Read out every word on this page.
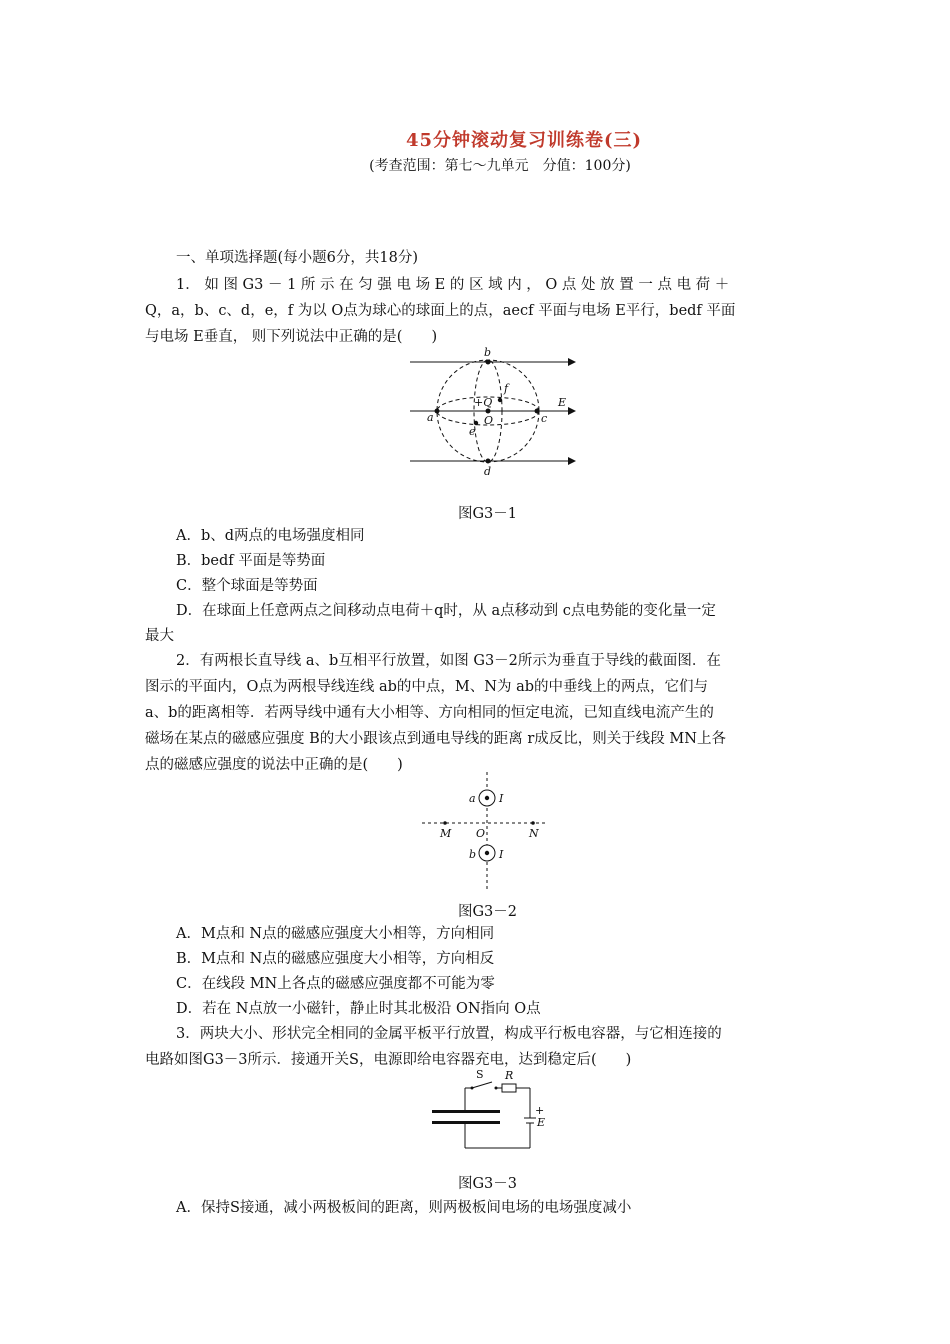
45分钟滚动复习训练卷(三)
(考查范围：第七～九单元　分值：100分)
一、单项选择题(每小题6分，共18分)
1． 如 图 G3 － 1 所 示 在 匀 强 电 场 E 的 区 域 内 ， O 点 处 放 置 一 点 电 荷 ＋
Q，a，b、c、d，e，f 为以 O点为球心的球面上的点，aecf 平面与电场 E平行，bedf 平面
与电场 E垂直， 则下列说法中正确的是(　　)
b
a	c
d
e
f
O
+Q	E
图G3－1
A．b、d两点的电场强度相同
B．bedf 平面是等势面
C．整个球面是等势面
D．在球面上任意两点之间移动点电荷＋q时，从 a点移动到 c点电势能的变化量一定
最大
2．有两根长直导线 a、b互相平行放置，如图 G3－2所示为垂直于导线的截面图．在
图示的平面内，O点为两根导线连线 ab的中点，M、N为 ab的中垂线上的两点，它们与
a、b的距离相等．若两导线中通有大小相等、方向相同的恒定电流，已知直线电流产生的
磁场在某点的磁感应强度 B的大小跟该点到通电导线的距离 r成反比，则关于线段 MN上各
点的磁感应强度的说法中正确的是(　　)
a I
b I
M O	N
图G3－2
A．M点和 N点的磁感应强度大小相等，方向相同
B．M点和 N点的磁感应强度大小相等，方向相反
C．在线段 MN上各点的磁感应强度都不可能为零
D．若在 N点放一小磁针，静止时其北极沿 ON指向 O点
3．两块大小、形状完全相同的金属平板平行放置，构成平行板电容器，与它相连接的
电路如图G3－3所示．接通开关S，电源即给电容器充电，达到稳定后(　　)
S R
+
E
图G3－3
A．保持S接通，减小两极板间的距离，则两极板间电场的电场强度减小
